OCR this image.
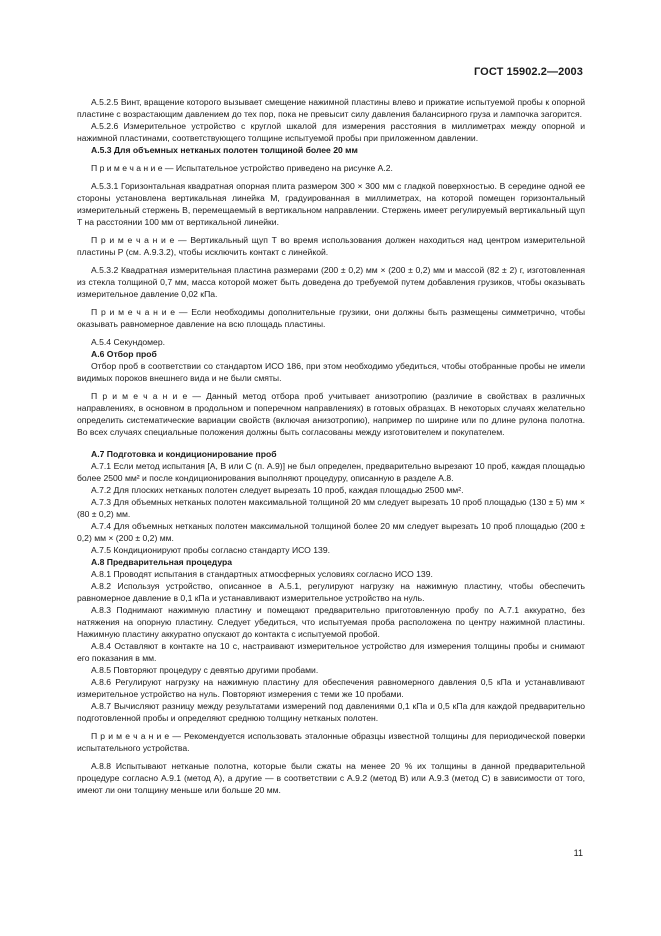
ГОСТ 15902.2—2003

А.5.2.5 Винт, вращение которого вызывает смещение нажимной пластины влево и прижатие испытуемой пробы к опорной пластине с возрастающим давлением до тех пор, пока не превысит силу давления балансирного груза и лампочка загорится.

А.5.2.6 Измерительное устройство с круглой шкалой для измерения расстояния в миллиметрах между опорной и нажимной пластинами, соответствующего толщине испытуемой пробы при приложенном давлении.

А.5.3 Для объемных нетканых полотен толщиной более 20 мм

П р и м е ч а н и е — Испытательное устройство приведено на рисунке А.2.

А.5.3.1 Горизонтальная квадратная опорная плита размером 300 × 300 мм с гладкой поверхностью. В середине одной ее стороны установлена вертикальная линейка M, градуированная в миллиметрах, на которой помещен горизонтальный измерительный стержень B, перемещаемый в вертикальном направлении. Стержень имеет регулируемый вертикальный щуп T на расстоянии 100 мм от вертикальной линейки.

П р и м е ч а н и е — Вертикальный щуп T во время использования должен находиться над центром измерительной пластины P (см. А.9.3.2), чтобы исключить контакт с линейкой.

А.5.3.2 Квадратная измерительная пластина размерами (200 ± 0,2) мм × (200 ± 0,2) мм и массой (82 ± 2) г, изготовленная из стекла толщиной 0,7 мм, масса которой может быть доведена до требуемой путем добавления грузиков, чтобы оказывать измерительное давление 0,02 кПа.

П р и м е ч а н и е — Если необходимы дополнительные грузики, они должны быть размещены симметрично, чтобы оказывать равномерное давление на всю площадь пластины.

А.5.4 Секундомер.

А.6 Отбор проб

Отбор проб в соответствии со стандартом ИСО 186, при этом необходимо убедиться, чтобы отобранные пробы не имели видимых пороков внешнего вида и не были смяты.

П р и м е ч а н и е — Данный метод отбора проб учитывает анизотропию (различие в свойствах в различных направлениях, в основном в продольном и поперечном направлениях) в готовых образцах. В некоторых случаях желательно определить систематические вариации свойств (включая анизотропию), например по ширине или по длине рулона полотна. Во всех случаях специальные положения должны быть согласованы между изготовителем и покупателем.

А.7 Подготовка и кондиционирование проб

А.7.1 Если метод испытания [А, В или С (п. А.9)] не был определен, предварительно вырезают 10 проб, каждая площадью более 2500 мм² и после кондиционирования выполняют процедуру, описанную в разделе А.8.

А.7.2 Для плоских нетканых полотен следует вырезать 10 проб, каждая площадью 2500 мм².

А.7.3 Для объемных нетканых полотен максимальной толщиной 20 мм следует вырезать 10 проб площадью (130 ± 5) мм × (80 ± 0,2) мм.

А.7.4 Для объемных нетканых полотен максимальной толщиной более 20 мм следует вырезать 10 проб площадью (200 ± 0,2) мм × (200 ± 0,2) мм.

А.7.5 Кондиционируют пробы согласно стандарту ИСО 139.

А.8 Предварительная процедура

А.8.1 Проводят испытания в стандартных атмосферных условиях согласно ИСО 139.

А.8.2 Используя устройство, описанное в А.5.1, регулируют нагрузку на нажимную пластину, чтобы обеспечить равномерное давление в 0,1 кПа и устанавливают измерительное устройство на нуль.

А.8.3 Поднимают нажимную пластину и помещают предварительно приготовленную пробу по А.7.1 аккуратно, без натяжения на опорную пластину. Следует убедиться, что испытуемая проба расположена по центру нажимной пластины. Нажимную пластину аккуратно опускают до контакта с испытуемой пробой.

А.8.4 Оставляют в контакте на 10 с, настраивают измерительное устройство для измерения толщины пробы и снимают его показания в мм.

А.8.5 Повторяют процедуру с девятью другими пробами.

А.8.6 Регулируют нагрузку на нажимную пластину для обеспечения равномерного давления 0,5 кПа и устанавливают измерительное устройство на нуль. Повторяют измерения с теми же 10 пробами.

А.8.7 Вычисляют разницу между результатами измерений под давлениями 0,1 кПа и 0,5 кПа для каждой предварительно подготовленной пробы и определяют среднюю толщину нетканых полотен.

П р и м е ч а н и е — Рекомендуется использовать эталонные образцы известной толщины для периодической поверки испытательного устройства.

А.8.8 Испытывают нетканые полотна, которые были сжаты на менее 20 % их толщины в данной предварительной процедуре согласно А.9.1 (метод А), а другие — в соответствии с А.9.2 (метод В) или А.9.3 (метод С) в зависимости от того, имеют ли они толщину меньше или больше 20 мм.

11
